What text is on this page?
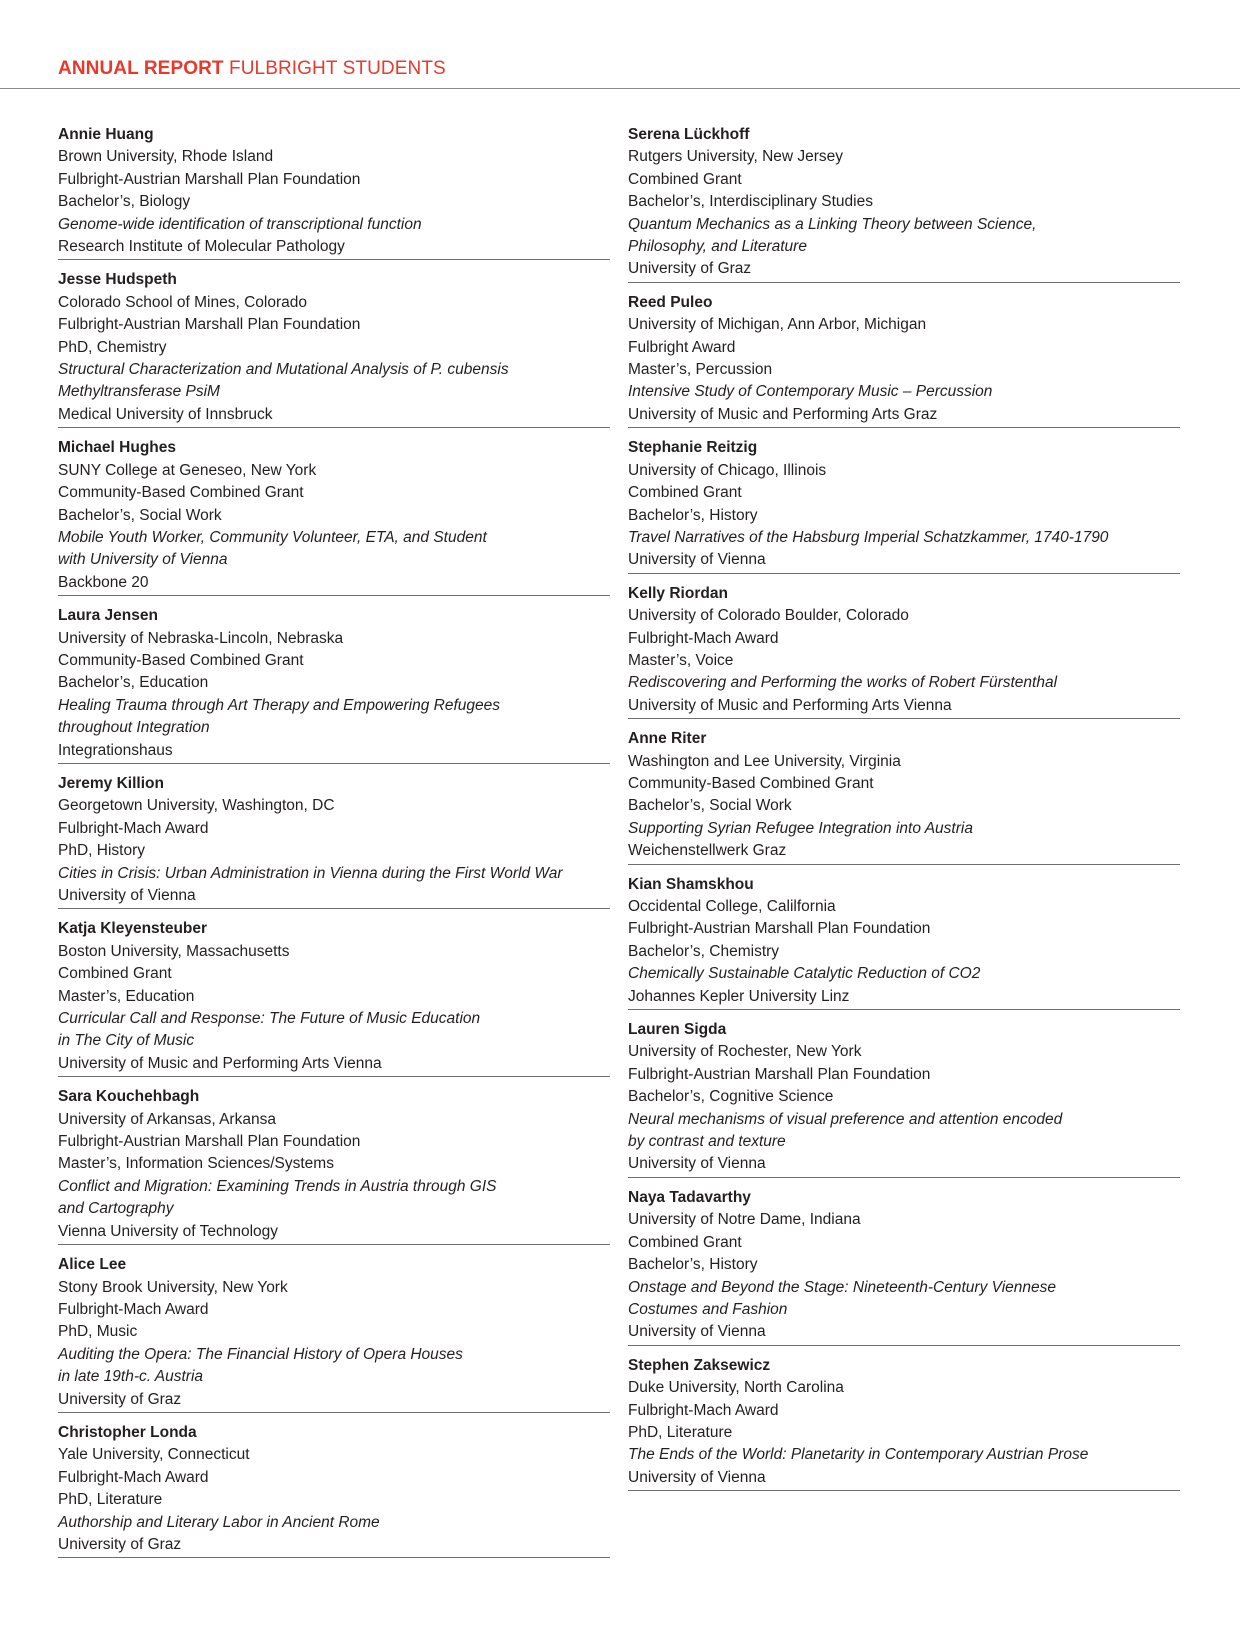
ANNUAL REPORT FULBRIGHT STUDENTS
Annie Huang
Brown University, Rhode Island
Fulbright-Austrian Marshall Plan Foundation
Bachelor’s, Biology
Genome-wide identification of transcriptional function
Research Institute of Molecular Pathology
Jesse Hudspeth
Colorado School of Mines, Colorado
Fulbright-Austrian Marshall Plan Foundation
PhD, Chemistry
Structural Characterization and Mutational Analysis of P. cubensis
Methyltransferase PsiM
Medical University of Innsbruck
Michael Hughes
SUNY College at Geneseo, New York
Community-Based Combined Grant
Bachelor’s, Social Work
Mobile Youth Worker, Community Volunteer, ETA, and Student
with University of Vienna
Backbone 20
Laura Jensen
University of Nebraska-Lincoln, Nebraska
Community-Based Combined Grant
Bachelor’s, Education
Healing Trauma through Art Therapy and Empowering Refugees
throughout Integration
Integrationshaus
Jeremy Killion
Georgetown University, Washington, DC
Fulbright-Mach Award
PhD, History
Cities in Crisis: Urban Administration in Vienna during the First World War
University of Vienna
Katja Kleyensteuber
Boston University, Massachusetts
Combined Grant
Master’s, Education
Curricular Call and Response: The Future of Music Education
in The City of Music
University of Music and Performing Arts Vienna
Sara Kouchehbagh
University of Arkansas, Arkansa
Fulbright-Austrian Marshall Plan Foundation
Master’s, Information Sciences/Systems
Conflict and Migration: Examining Trends in Austria through GIS
and Cartography
Vienna University of Technology
Alice Lee
Stony Brook University, New York
Fulbright-Mach Award
PhD, Music
Auditing the Opera: The Financial History of Opera Houses
in late 19th-c. Austria
University of Graz
Christopher Londa
Yale University, Connecticut
Fulbright-Mach Award
PhD, Literature
Authorship and Literary Labor in Ancient Rome
University of Graz
Serena Lückhoff
Rutgers University, New Jersey
Combined Grant
Bachelor’s, Interdisciplinary Studies
Quantum Mechanics as a Linking Theory between Science,
Philosophy, and Literature
University of Graz
Reed Puleo
University of Michigan, Ann Arbor, Michigan
Fulbright Award
Master’s, Percussion
Intensive Study of Contemporary Music – Percussion
University of Music and Performing Arts Graz
Stephanie Reitzig
University of Chicago, Illinois
Combined Grant
Bachelor’s, History
Travel Narratives of the Habsburg Imperial Schatzkammer, 1740-1790
University of Vienna
Kelly Riordan
University of Colorado Boulder, Colorado
Fulbright-Mach Award
Master’s, Voice
Rediscovering and Performing the works of Robert Fürstenthal
University of Music and Performing Arts Vienna
Anne Riter
Washington and Lee University, Virginia
Community-Based Combined Grant
Bachelor’s, Social Work
Supporting Syrian Refugee Integration into Austria
Weichenstellwerk Graz
Kian Shamskhou
Occidental College, Calilfornia
Fulbright-Austrian Marshall Plan Foundation
Bachelor’s, Chemistry
Chemically Sustainable Catalytic Reduction of CO2
Johannes Kepler University Linz
Lauren Sigda
University of Rochester, New York
Fulbright-Austrian Marshall Plan Foundation
Bachelor’s, Cognitive Science
Neural mechanisms of visual preference and attention encoded
by contrast and texture
University of Vienna
Naya Tadavarthy
University of Notre Dame, Indiana
Combined Grant
Bachelor’s, History
Onstage and Beyond the Stage: Nineteenth-Century Viennese
Costumes and Fashion
University of Vienna
Stephen Zaksewicz
Duke University, North Carolina
Fulbright-Mach Award
PhD, Literature
The Ends of the World: Planetarity in Contemporary Austrian Prose
University of Vienna
